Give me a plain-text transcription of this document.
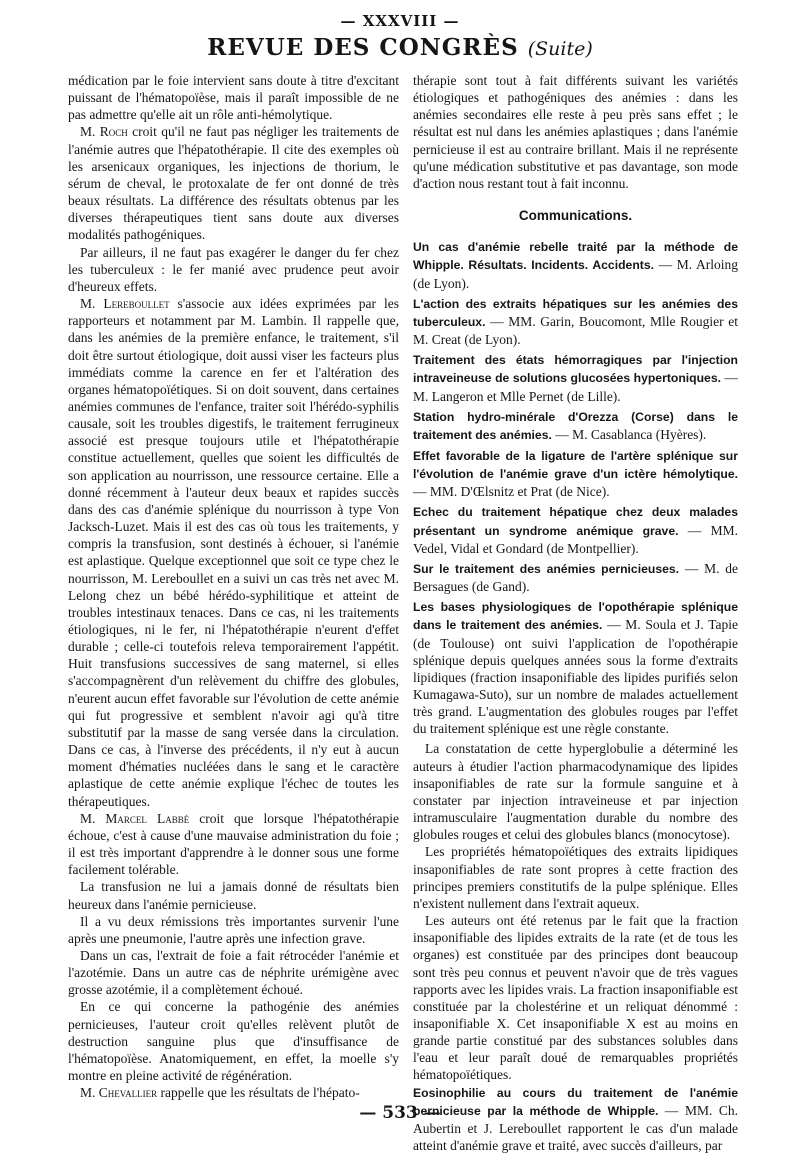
— XXXVIII —
REVUE DES CONGRÈS (Suite)

médication par le foie intervient sans doute à titre d'excitant puissant de l'hématopoïèse, mais il paraît impossible de ne pas admettre qu'elle ait un rôle anti-hémolytique.

M. Roch croit qu'il ne faut pas négliger les traitements de l'anémie autres que l'hépatothérapie. Il cite des exemples où les arsenicaux organiques, les injections de thorium, le sérum de cheval, le protoxalate de fer ont donné de très beaux résultats. La différence des résultats obtenus par les diverses thérapeutiques tient sans doute aux diverses modalités pathogéniques.

Par ailleurs, il ne faut pas exagérer le danger du fer chez les tuberculeux : le fer manié avec prudence peut avoir d'heureux effets.

M. Lereboullet s'associe aux idées exprimées par les rapporteurs et notamment par M. Lambin. Il rappelle que, dans les anémies de la première enfance, le traitement, s'il doit être surtout étiologique, doit aussi viser les facteurs plus immédiats comme la carence en fer et l'altération des organes hématopoïétiques. Si on doit souvent, dans certaines anémies communes de l'enfance, traiter soit l'hérédo-syphilis causale, soit les troubles digestifs, le traitement ferrugineux associé est presque toujours utile et l'hépatothérapie constitue actuellement, quelles que soient les difficultés de son application au nourrisson, une ressource certaine. Elle a donné récemment à l'auteur deux beaux et rapides succès dans des cas d'anémie splénique du nourrisson à type Von Jacksch-Luzet. Mais il est des cas où tous les traitements, y compris la transfusion, sont destinés à échouer, si l'anémie est aplastique. Quelque exceptionnel que soit ce type chez le nourrisson, M. Lereboullet en a suivi un cas très net avec M. Lelong chez un bébé hérédo-syphilitique et atteint de troubles intestinaux tenaces. Dans ce cas, ni les traitements étiologiques, ni le fer, ni l'hépatothérapie n'eurent d'effet durable ; celle-ci toutefois releva temporairement l'appétit. Huit transfusions successives de sang maternel, si elles s'accompagnèrent d'un relèvement du chiffre des globules, n'eurent aucun effet favorable sur l'évolution de cette anémie qui fut progressive et semblent n'avoir agi qu'à titre substitutif par la masse de sang versée dans la circulation. Dans ce cas, à l'inverse des précédents, il n'y eut à aucun moment d'hématies nucléées dans le sang et le caractère aplastique de cette anémie explique l'échec de toutes les thérapeutiques.

M. Marcel Labbé croit que lorsque l'hépatothérapie échoue, c'est à cause d'une mauvaise administration du foie ; il est très important d'apprendre à le donner sous une forme facilement tolérable.

La transfusion ne lui a jamais donné de résultats bien heureux dans l'anémie pernicieuse.

Il a vu deux rémissions très importantes survenir l'une après une pneumonie, l'autre après une infection grave.

Dans un cas, l'extrait de foie a fait rétrocéder l'anémie et l'azotémie. Dans un autre cas de néphrite urémigène avec grosse azotémie, il a complètement échoué.

En ce qui concerne la pathogénie des anémies pernicieuses, l'auteur croit qu'elles relèvent plutôt de destruction sanguine plus que d'insuffisance de l'hématopoïèse. Anatomiquement, en effet, la moelle s'y montre en pleine activité de régénération.

M. Chevallier rappelle que les résultats de l'hépato-

thérapie sont tout à fait différents suivant les variétés étiologiques et pathogéniques des anémies : dans les anémies secondaires elle reste à peu près sans effet ; le résultat est nul dans les anémies aplastiques ; dans l'anémie pernicieuse il est au contraire brillant. Mais il ne représente qu'une médication substitutive et pas davantage, son mode d'action nous restant tout à fait inconnu.

Communications.

Un cas d'anémie rebelle traité par la méthode de Whipple. Résultats. Incidents. Accidents. — M. Arloing (de Lyon).

L'action des extraits hépatiques sur les anémies des tuberculeux. — MM. Garin, Boucomont, Mlle Rougier et M. Creat (de Lyon).

Traitement des états hémorragiques par l'injection intraveineuse de solutions glucosées hypertoniques. — M. Langeron et Mlle Pernet (de Lille).

Station hydro-minérale d'Orezza (Corse) dans le traitement des anémies. — M. Casablanca (Hyères).

Effet favorable de la ligature de l'artère splénique sur l'évolution de l'anémie grave d'un ictère hémolytique. — MM. D'Œlsnitz et Prat (de Nice).

Echec du traitement hépatique chez deux malades présentant un syndrome anémique grave. — MM. Vedel, Vidal et Gondard (de Montpellier).

Sur le traitement des anémies pernicieuses. — M. de Bersagues (de Gand).

Les bases physiologiques de l'opothérapie splénique dans le traitement des anémies. — M. Soula et J. Tapie (de Toulouse) ont suivi l'application de l'opothérapie splénique depuis quelques années sous la forme d'extraits lipidiques (fraction insaponifiable des lipides purifiés selon Kumagawa-Suto), sur un nombre de malades actuellement très grand. L'augmentation des globules rouges par l'effet du traitement splénique est une règle constante.

La constatation de cette hyperglobulie a déterminé les auteurs à étudier l'action pharmacodynamique des lipides insaponifiables de rate sur la formule sanguine et à constater par injection intraveineuse et par injection intramusculaire l'augmentation durable du nombre des globules rouges et celui des globules blancs (monocytose).

Les propriétés hématopoïétiques des extraits lipidiques insaponifiables de rate sont propres à cette fraction des principes premiers constitutifs de la pulpe splénique. Elles n'existent nullement dans l'extrait aqueux.

Les auteurs ont été retenus par le fait que la fraction insaponifiable des lipides extraits de la rate (et de tous les organes) est constituée par des principes dont beaucoup sont très peu connus et peuvent n'avoir que de très vagues rapports avec les lipides vrais. La fraction insaponifiable est constituée par la cholestérine et un reliquat dénommé : insaponifiable X. Cet insaponifiable X est au moins en grande partie constitué par des substances solubles dans l'eau et leur paraît doué de remarquables propriétés hématopoïétiques.

Eosinophilie au cours du traitement de l'anémie pernicieuse par la méthode de Whipple. — MM. Ch. Aubertin et J. Lereboullet rapportent le cas d'un malade atteint d'anémie grave et traité, avec succès d'ailleurs, par

— 533 —
